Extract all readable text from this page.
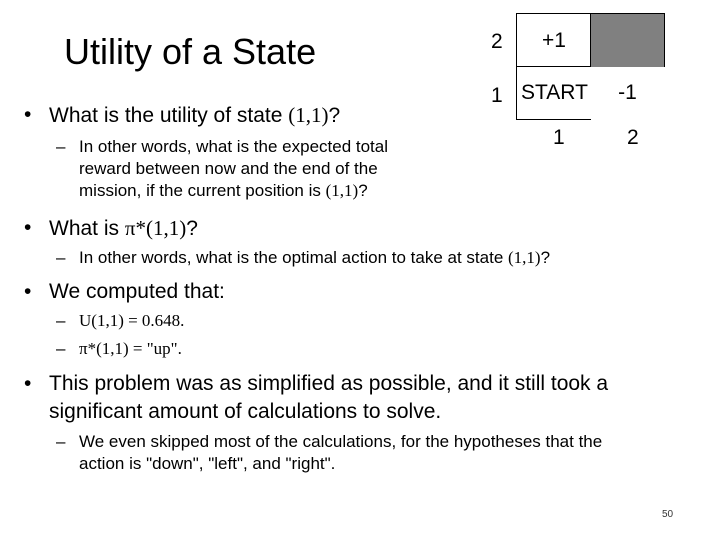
Utility of a State	2
1
+1
START -1
1	2
• What is the utility of state (1,1)?
– In other words, what is the expected total
reward between now and the end of the
mission, if the current position is (1,1)?
• What is π*(1,1)?
– In other words, what is the optimal action to take at state (1,1)?
• We computed that:
– U(1,1) = 0.648.
– π*(1,1) = "up".
• This problem was as simplified as possible, and it still took a
significant amount of calculations to solve.
– We even skipped most of the calculations, for the hypotheses that the
action is "down", "left", and "right".
50
